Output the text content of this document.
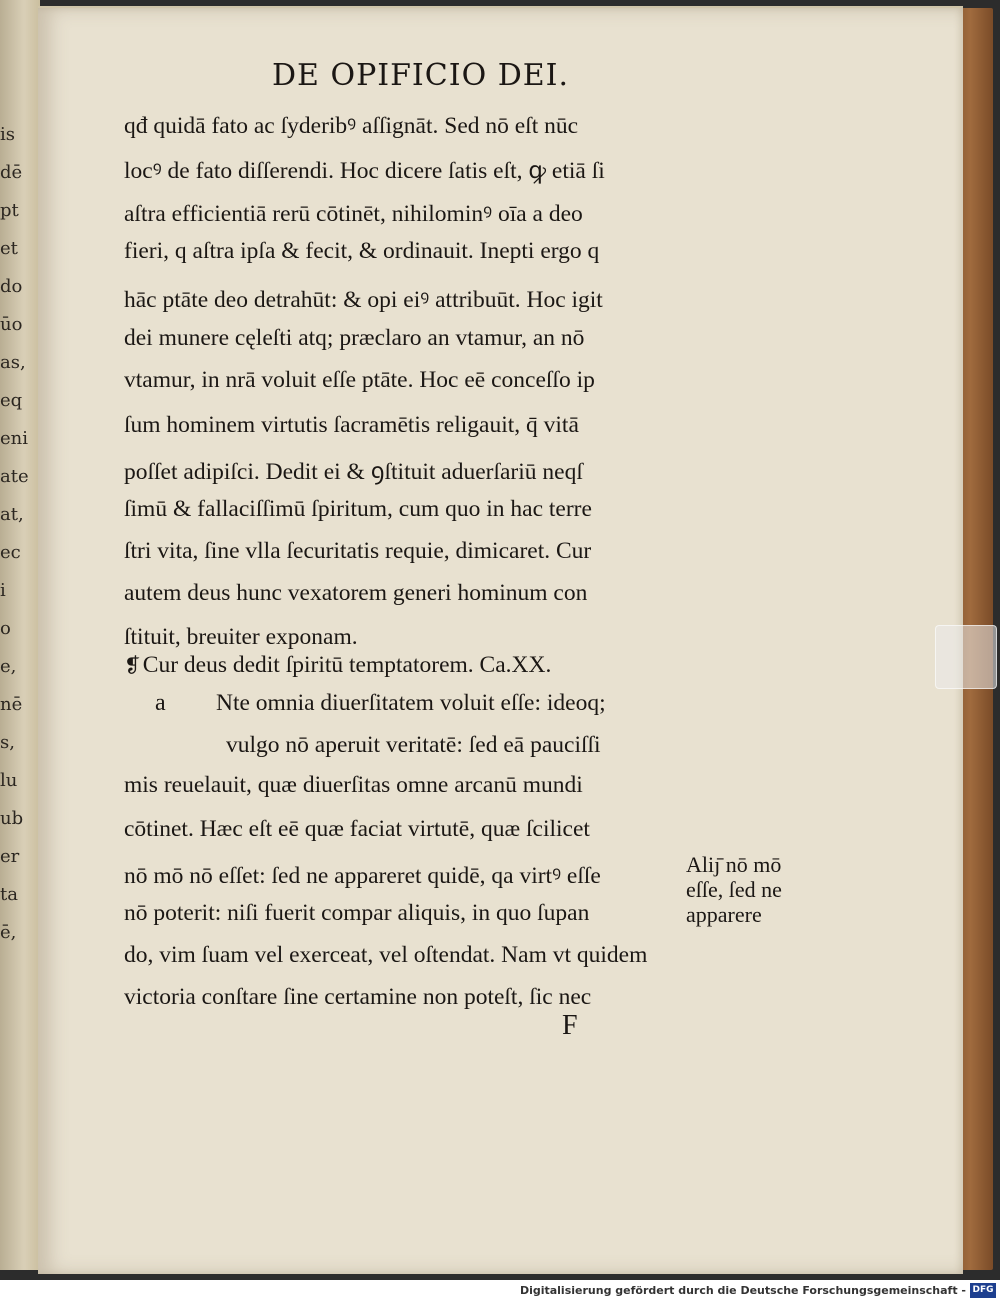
is
dē
pt
et
do
ūo
as,
eq
eni
ate
at,
ec
i
o
e,
nē
s,
lu
ub
er
ta
ē,
DE OPIFICIO DEI.
qđ quidā fato ac ſyderibꝰ aſſignāt. Sed nō eſt nūc
locꝰ de fato diſſerendi. Hoc dicere ſatis eſt, ꝙ etiā ſi
aſtra efficientiā rerū cōtinēt, nihilominꝰ oīa a deo
fieri, q aſtra ipſa & fecit, & ordinauit. Inepti ergo q
hāc ptāte deo detrahūt: & opi eiꝰ attribuūt. Hoc igit
dei munere cęleſti atq; præclaro an vtamur, an nō
vtamur, in nrā voluit eſſe ptāte. Hoc eē conceſſo ip
ſum hominem virtutis ſacramētis religauit, q̄ vitā
poſſet adipiſci. Dedit ei & ꝯſtituit aduerſariū neqſ
ſimū & fallaciſſimū ſpiritum, cum quo in hac terre
ſtri vita, ſine vlla ſecuritatis requie, dimicaret. Cur
autem deus hunc vexatorem generi hominum con
ſtituit, breuiter exponam.
❡Cur deus dedit ſpiritū temptatorem. Ca.XX.
a Nte omnia diuerſitatem voluit eſſe: ideoq;
vulgo nō aperuit veritatē: ſed eā pauciſſi
mis reuelauit, quæ diuerſitas omne arcanū mundi
cōtinet. Hæc eſt eē quæ faciat virtutē, quæ ſcilicet
nō mō nō eſſet: ſed ne appareret quidē, qa virtꝰ eſſe
nō poterit: niſi fuerit compar aliquis, in quo ſupan
do, vim ſuam vel exerceat, vel oſtendat. Nam vt quidem
victoria conſtare ſine certamine non poteſt, ſic nec
Aliȷ̄ nō mō
eſſe, ſed ne
apparere
F
Digitalisierung gefördert durch die Deutsche Forschungsgemeinschaft - DFG
